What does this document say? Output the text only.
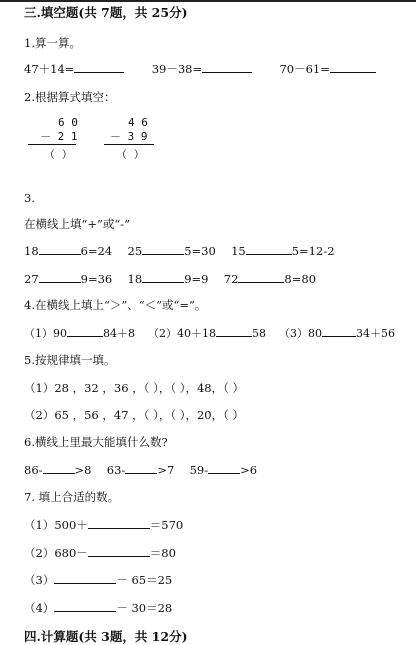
三.填空题(共 7题，共 25分)
1.算一算。
47＋14=	39－38=	70－61=
2.根据算式填空：
6 0
－ 2 1
（ ）
4 6
－ 3 9
（ ）
3.
在横线上填“+”或“-”
18	6=24 25	5=30 15	5=12-2
27	9=36 18	9=9 72	8=80
4.在横线上填上“＞”、“＜”或“=”。
（1）90	84＋8 （2）40＋18	58 （3）80	34＋56
5.按规律填一填。
（1）28 ，32 ，36 ，（ ），（ ），48，（ ）
（2）65 ，56 ，47 ，（ ），（ ），20，（ ）
6.横线上里最大能填什么数?
86-	>8 63-	>7 59-	>6
7. 填上合适的数。
（1）500＋	＝570
（2）680－	＝80
（3）	－ 65＝25
（4）	－ 30＝28
四.计算题(共 3题，共 12分)
